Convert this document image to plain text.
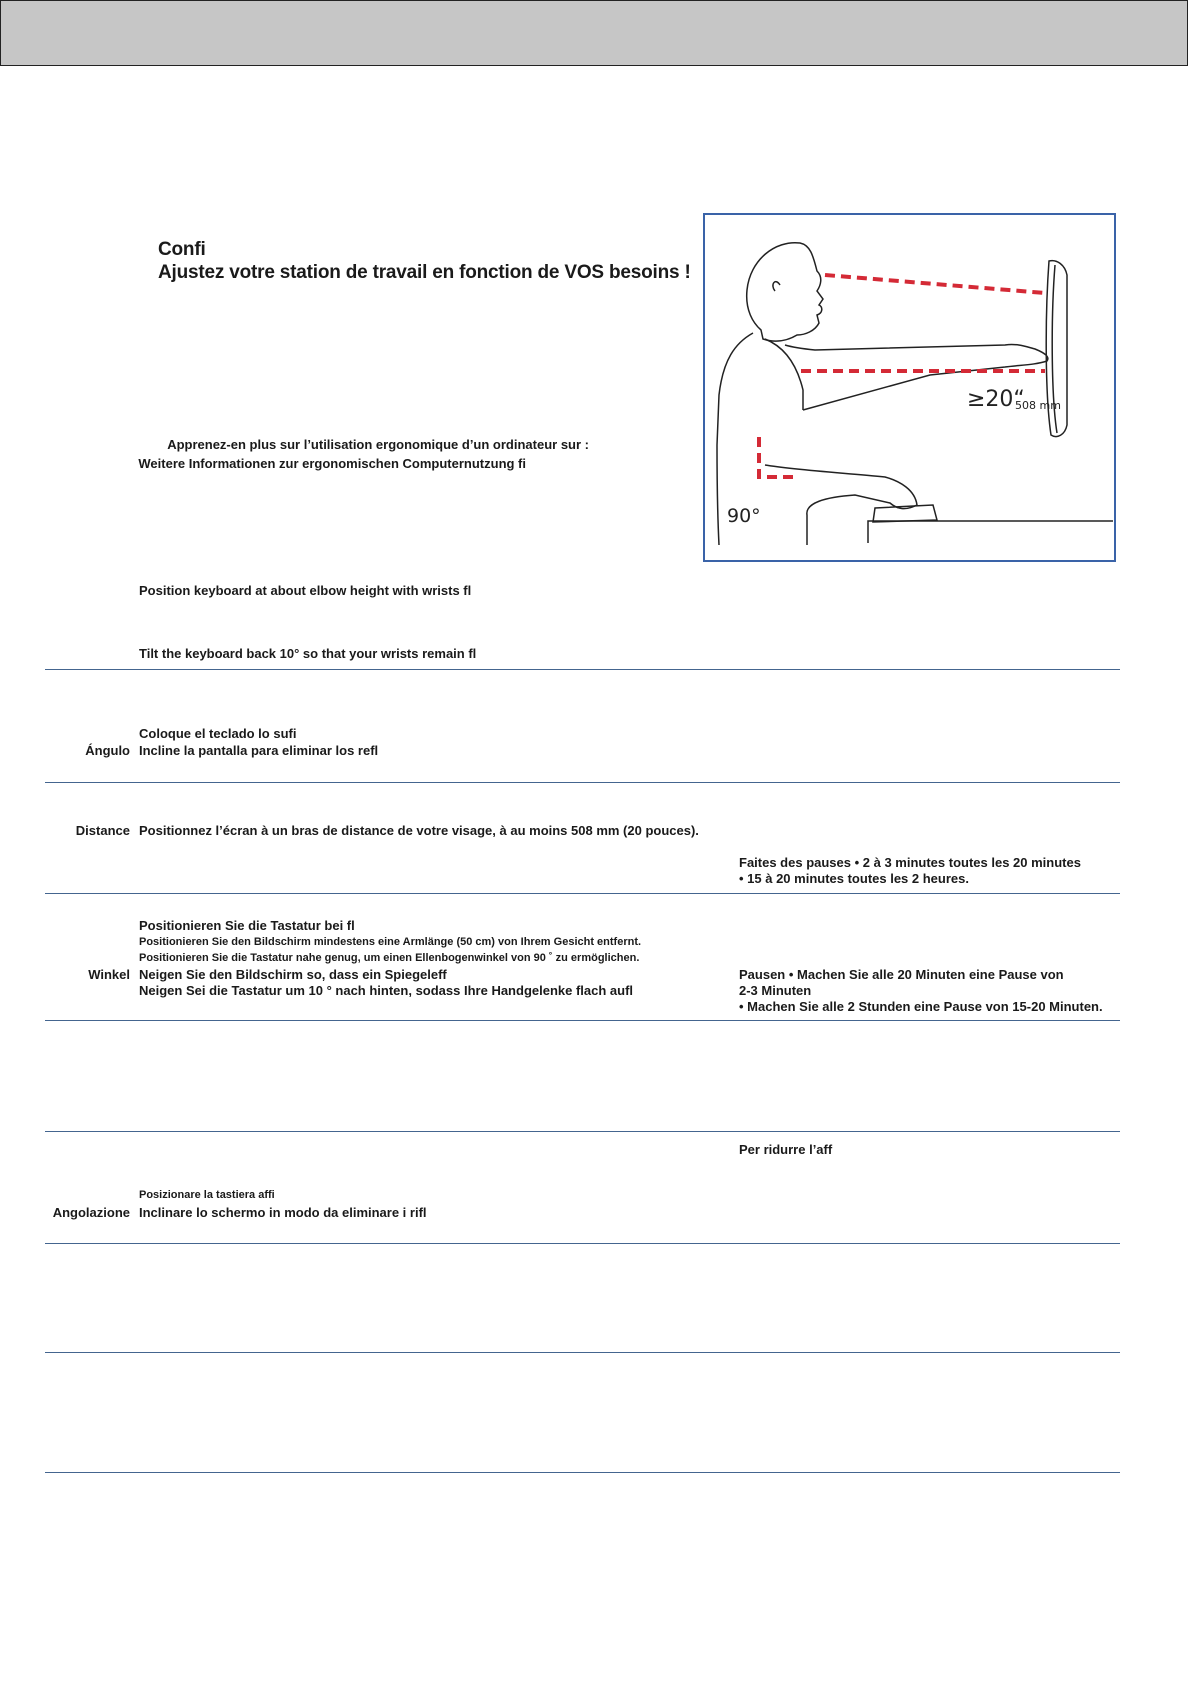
Confi
Ajustez votre station de travail en fonction de VOS besoins !
Apprenez-en plus sur l’utilisation ergonomique d’un ordinateur sur :
Weitere Informationen zur ergonomischen Computernutzung fi
90°
≥20“
508 mm
Position keyboard at about elbow height with wrists fl
Tilt the keyboard back 10° so that your wrists remain fl
Coloque el teclado lo sufi
Ángulo Incline la pantalla para eliminar los refl
Distance Positionnez l’écran à un bras de distance de votre visage, à au moins 508 mm (20 pouces).
Faites des pauses • 2 à 3 minutes toutes les 20 minutes
• 15 à 20 minutes toutes les 2 heures.
Positionieren Sie die Tastatur bei fl
Positionieren Sie den Bildschirm mindestens eine Armlänge (50 cm) von Ihrem Gesicht entfernt.
Positionieren Sie die Tastatur nahe genug, um einen Ellenbogenwinkel von 90 ˚ zu ermöglichen.
Winkel Neigen Sie den Bildschirm so, dass ein Spiegeleff
Neigen Sei die Tastatur um 10 ° nach hinten, sodass Ihre Handgelenke flach aufl
Pausen • Machen Sie alle 20 Minuten eine Pause von
2-3 Minuten
• Machen Sie alle 2 Stunden eine Pause von 15-20 Minuten.
Per ridurre l’aff
Posizionare la tastiera affi
Angolazione Inclinare lo schermo in modo da eliminare i rifl
